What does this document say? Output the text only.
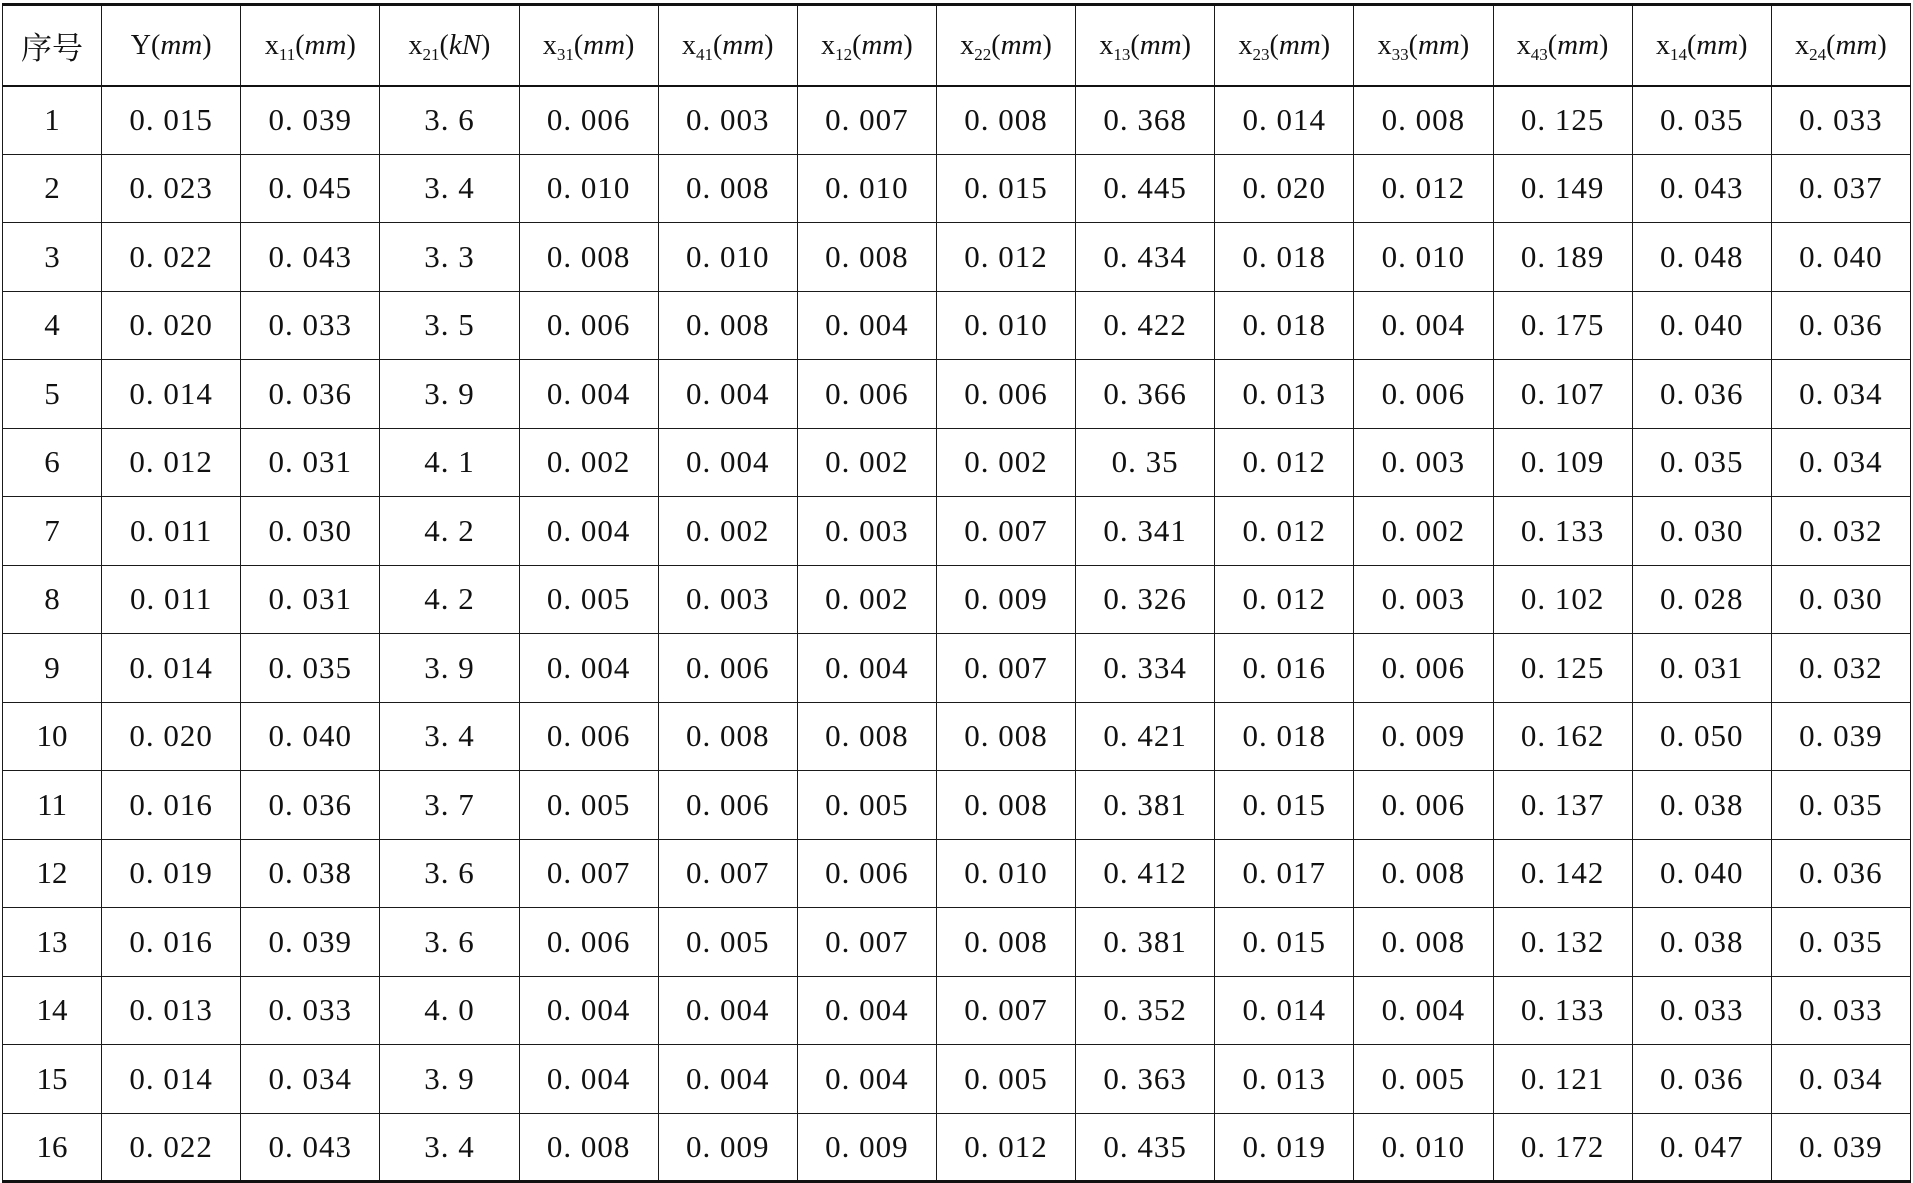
序号	Y(mm)	$x_{11}(mm)$	$x_{21}(kN)$	$x_{31}(mm)$	$x_{41}(mm)$	$x_{12}(mm)$	$x_{22}(mm)$	$x_{13}(mm)$	$x_{23}(mm)$	$x_{33}(mm)$	$x_{43}(mm)$	$x_{14}(mm)$	$x_{24}(mm)$
1	0. 015	0. 039	3. 6	0. 006	0. 003	0. 007	0. 008	0. 368	0. 014	0. 008	0. 125	0. 035	0. 033
2	0. 023	0. 045	3. 4	0. 010	0. 008	0. 010	0. 015	0. 445	0. 020	0. 012	0. 149	0. 043	0. 037
3	0. 022	0. 043	3. 3	0. 008	0. 010	0. 008	0. 012	0. 434	0. 018	0. 010	0. 189	0. 048	0. 040
4	0. 020	0. 033	3. 5	0. 006	0. 008	0. 004	0. 010	0. 422	0. 018	0. 004	0. 175	0. 040	0. 036
5	0. 014	0. 036	3. 9	0. 004	0. 004	0. 006	0. 006	0. 366	0. 013	0. 006	0. 107	0. 036	0. 034
6	0. 012	0. 031	4. 1	0. 002	0. 004	0. 002	0. 002	0. 35	0. 012	0. 003	0. 109	0. 035	0. 034
7	0. 011	0. 030	4. 2	0. 004	0. 002	0. 003	0. 007	0. 341	0. 012	0. 002	0. 133	0. 030	0. 032
8	0. 011	0. 031	4. 2	0. 005	0. 003	0. 002	0. 009	0. 326	0. 012	0. 003	0. 102	0. 028	0. 030
9	0. 014	0. 035	3. 9	0. 004	0. 006	0. 004	0. 007	0. 334	0. 016	0. 006	0. 125	0. 031	0. 032
10	0. 020	0. 040	3. 4	0. 006	0. 008	0. 008	0. 008	0. 421	0. 018	0. 009	0. 162	0. 050	0. 039
11	0. 016	0. 036	3. 7	0. 005	0. 006	0. 005	0. 008	0. 381	0. 015	0. 006	0. 137	0. 038	0. 035
12	0. 019	0. 038	3. 6	0. 007	0. 007	0. 006	0. 010	0. 412	0. 017	0. 008	0. 142	0. 040	0. 036
13	0. 016	0. 039	3. 6	0. 006	0. 005	0. 007	0. 008	0. 381	0. 015	0. 008	0. 132	0. 038	0. 035
14	0. 013	0. 033	4. 0	0. 004	0. 004	0. 004	0. 007	0. 352	0. 014	0. 004	0. 133	0. 033	0. 033
15	0. 014	0. 034	3. 9	0. 004	0. 004	0. 004	0. 005	0. 363	0. 013	0. 005	0. 121	0. 036	0. 034
16	0. 022	0. 043	3. 4	0. 008	0. 009	0. 009	0. 012	0. 435	0. 019	0. 010	0. 172	0. 047	0. 039
